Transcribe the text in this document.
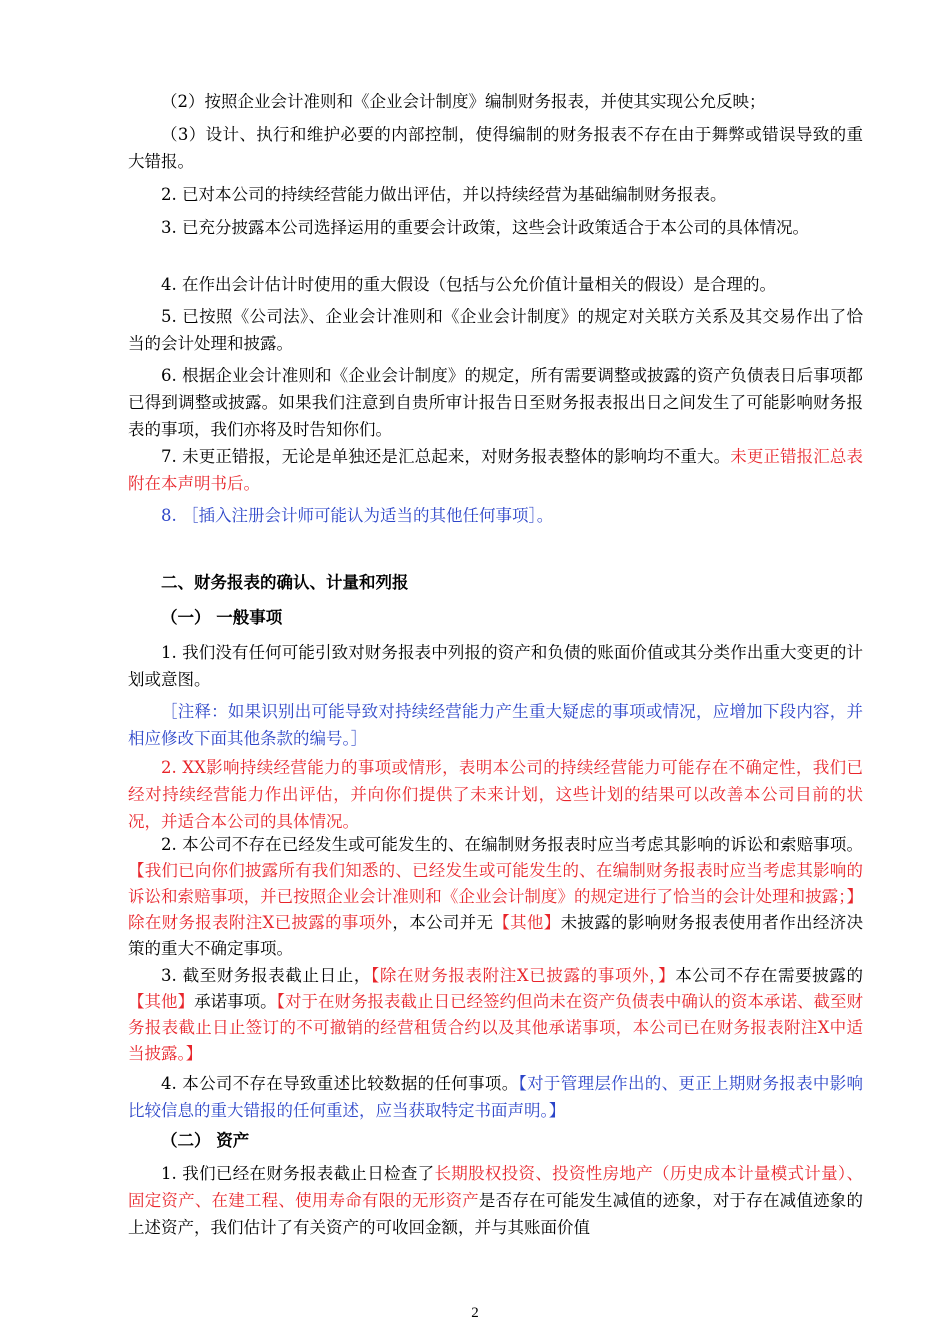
（2）按照企业会计准则和《企业会计制度》编制财务报表，并使其实现公允反映；

（3）设计、执行和维护必要的内部控制，使得编制的财务报表不存在由于舞弊或错误导致的重大错报。

2. 已对本公司的持续经营能力做出评估，并以持续经营为基础编制财务报表。

3. 已充分披露本公司选择运用的重要会计政策，这些会计政策适合于本公司的具体情况。

4. 在作出会计估计时使用的重大假设（包括与公允价值计量相关的假设）是合理的。

5. 已按照《公司法》、企业会计准则和《企业会计制度》的规定对关联方关系及其交易作出了恰当的会计处理和披露。

6. 根据企业会计准则和《企业会计制度》的规定，所有需要调整或披露的资产负债表日后事项都已得到调整或披露。如果我们注意到自贵所审计报告日至财务报表报出日之间发生了可能影响财务报表的事项，我们亦将及时告知你们。

7. 未更正错报，无论是单独还是汇总起来，对财务报表整体的影响均不重大。未更正错报汇总表附在本声明书后。

8. ［插入注册会计师可能认为适当的其他任何事项］。

二、财务报表的确认、计量和列报

（一） 一般事项

1. 我们没有任何可能引致对财务报表中列报的资产和负债的账面价值或其分类作出重大变更的计划或意图。

［注释：如果识别出可能导致对持续经营能力产生重大疑虑的事项或情况，应增加下段内容，并相应修改下面其他条款的编号。］

2. XX影响持续经营能力的事项或情形，表明本公司的持续经营能力可能存在不确定性，我们已经对持续经营能力作出评估，并向你们提供了未来计划，这些计划的结果可以改善本公司目前的状况，并适合本公司的具体情况。

2. 本公司不存在已经发生或可能发生的、在编制财务报表时应当考虑其影响的诉讼和索赔事项。【我们已向你们披露所有我们知悉的、已经发生或可能发生的、在编制财务报表时应当考虑其影响的诉讼和索赔事项，并已按照企业会计准则和《企业会计制度》的规定进行了恰当的会计处理和披露；】除在财务报表附注X已披露的事项外，本公司并无【其他】未披露的影响财务报表使用者作出经济决策的重大不确定事项。

3. 截至财务报表截止日止，【除在财务报表附注X已披露的事项外，】本公司不存在需要披露的【其他】承诺事项。【对于在财务报表截止日已经签约但尚未在资产负债表中确认的资本承诺、截至财务报表截止日止签订的不可撤销的经营租赁合约以及其他承诺事项，本公司已在财务报表附注X中适当披露。】

4. 本公司不存在导致重述比较数据的任何事项。【对于管理层作出的、更正上期财务报表中影响比较信息的重大错报的任何重述，应当获取特定书面声明。】

（二） 资产

1. 我们已经在财务报表截止日检查了长期股权投资、投资性房地产（历史成本计量模式计量）、固定资产、在建工程、使用寿命有限的无形资产是否存在可能发生减值的迹象，对于存在减值迹象的上述资产，我们估计了有关资产的可收回金额，并与其账面价值

2
